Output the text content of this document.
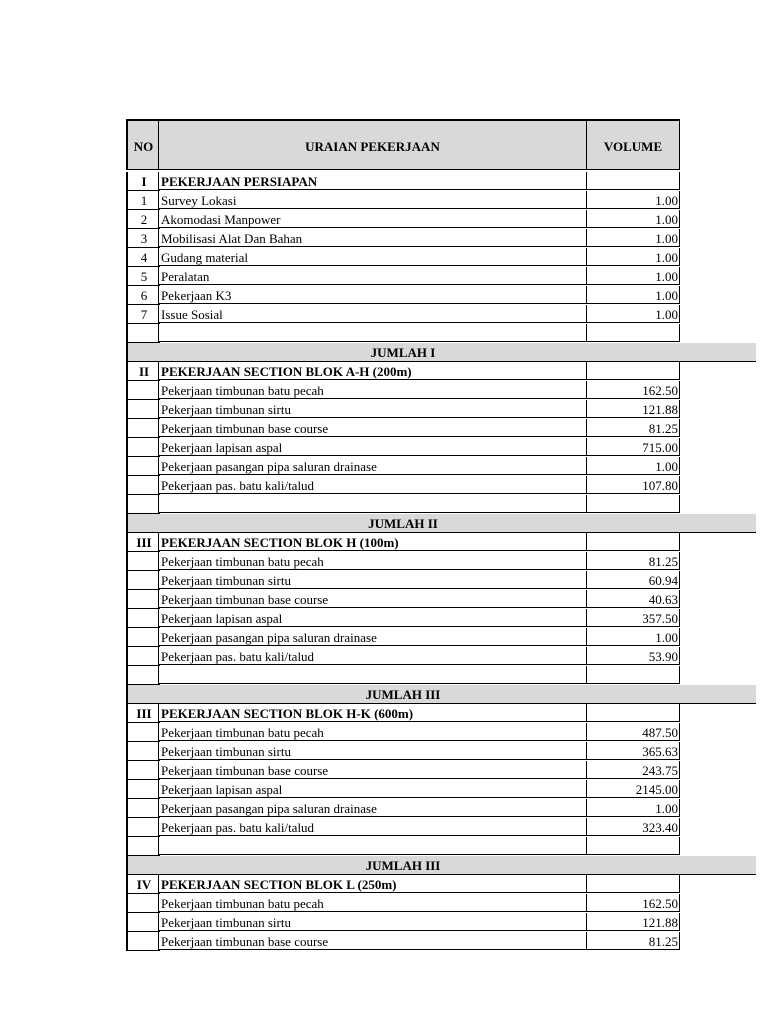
NO	URAIAN PEKERJAAN	VOLUME
I	PEKERJAAN PERSIAPAN
1	Survey Lokasi	1.00
2	Akomodasi Manpower	1.00
3	Mobilisasi Alat Dan Bahan	1.00
4	Gudang material	1.00
5	Peralatan	1.00
6	Pekerjaan K3	1.00
7	Issue Sosial	1.00
JUMLAH I
II PEKERJAAN SECTION BLOK A-H (200m)
Pekerjaan timbunan batu pecah	162.50
Pekerjaan timbunan sirtu	121.88
Pekerjaan timbunan base course	81.25
Pekerjaan lapisan aspal	715.00
Pekerjaan pasangan pipa saluran drainase	1.00
Pekerjaan pas. batu kali/talud	107.80
JUMLAH II
III PEKERJAAN SECTION BLOK H (100m)
Pekerjaan timbunan batu pecah	81.25
Pekerjaan timbunan sirtu	60.94
Pekerjaan timbunan base course	40.63
Pekerjaan lapisan aspal	357.50
Pekerjaan pasangan pipa saluran drainase	1.00
Pekerjaan pas. batu kali/talud	53.90
JUMLAH III
III PEKERJAAN SECTION BLOK H-K (600m)
Pekerjaan timbunan batu pecah	487.50
Pekerjaan timbunan sirtu	365.63
Pekerjaan timbunan base course	243.75
Pekerjaan lapisan aspal	2145.00
Pekerjaan pasangan pipa saluran drainase	1.00
Pekerjaan pas. batu kali/talud	323.40
JUMLAH III
IV PEKERJAAN SECTION BLOK L (250m)
Pekerjaan timbunan batu pecah	162.50
Pekerjaan timbunan sirtu	121.88
Pekerjaan timbunan base course	81.25
